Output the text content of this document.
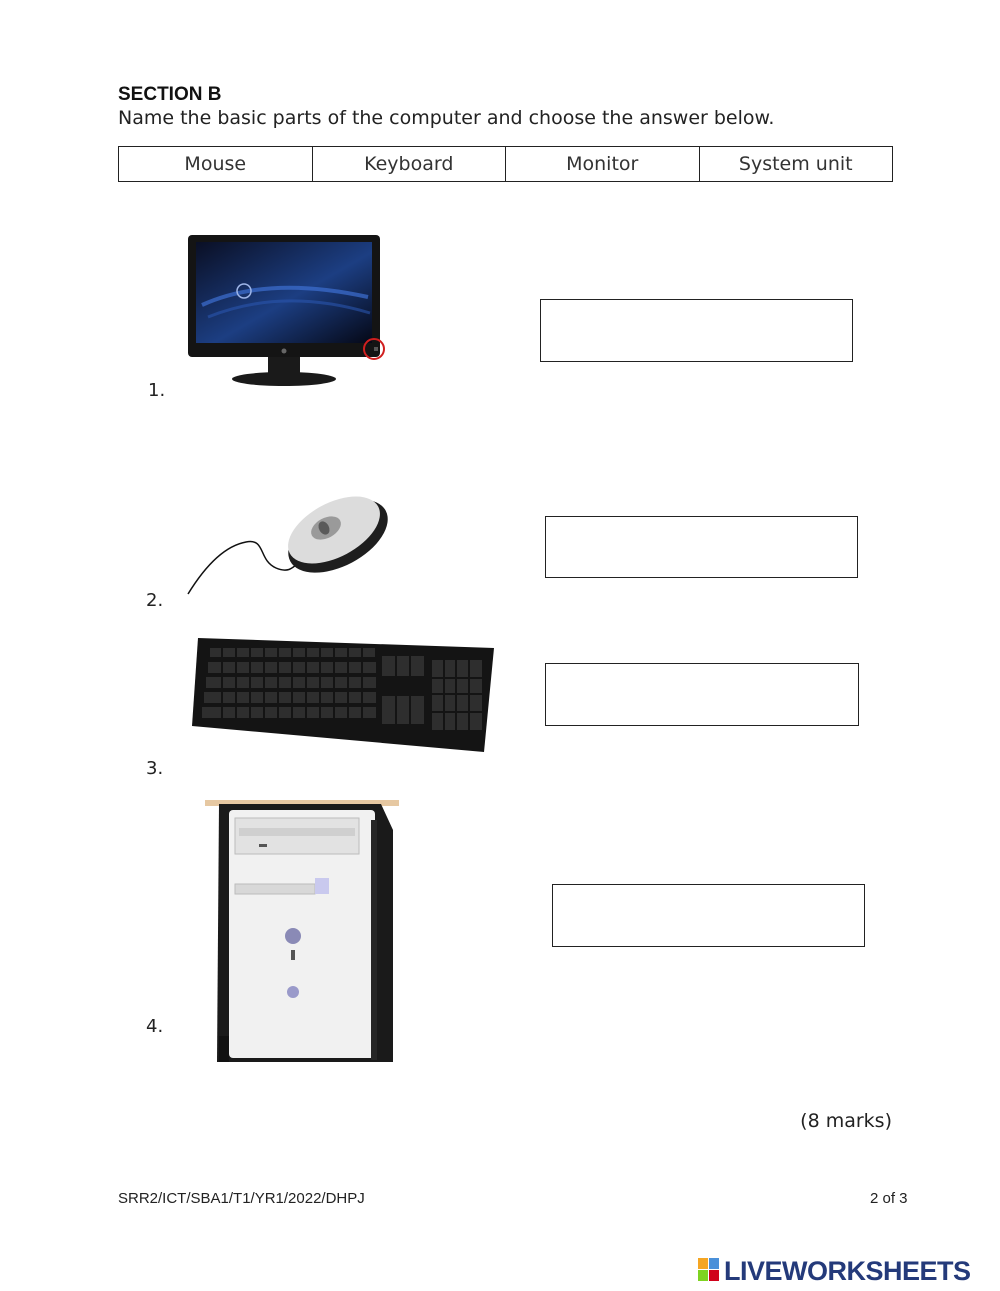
SECTION B
Name the basic parts of the computer and choose the answer below.
Mouse	Keyboard	Monitor	System unit
1.
2.
3.
4.
(8 marks)
SRR2/ICT/SBA1/T1/YR1/2022/DHPJ	2 of 3
LIVEWORKSHEETS
